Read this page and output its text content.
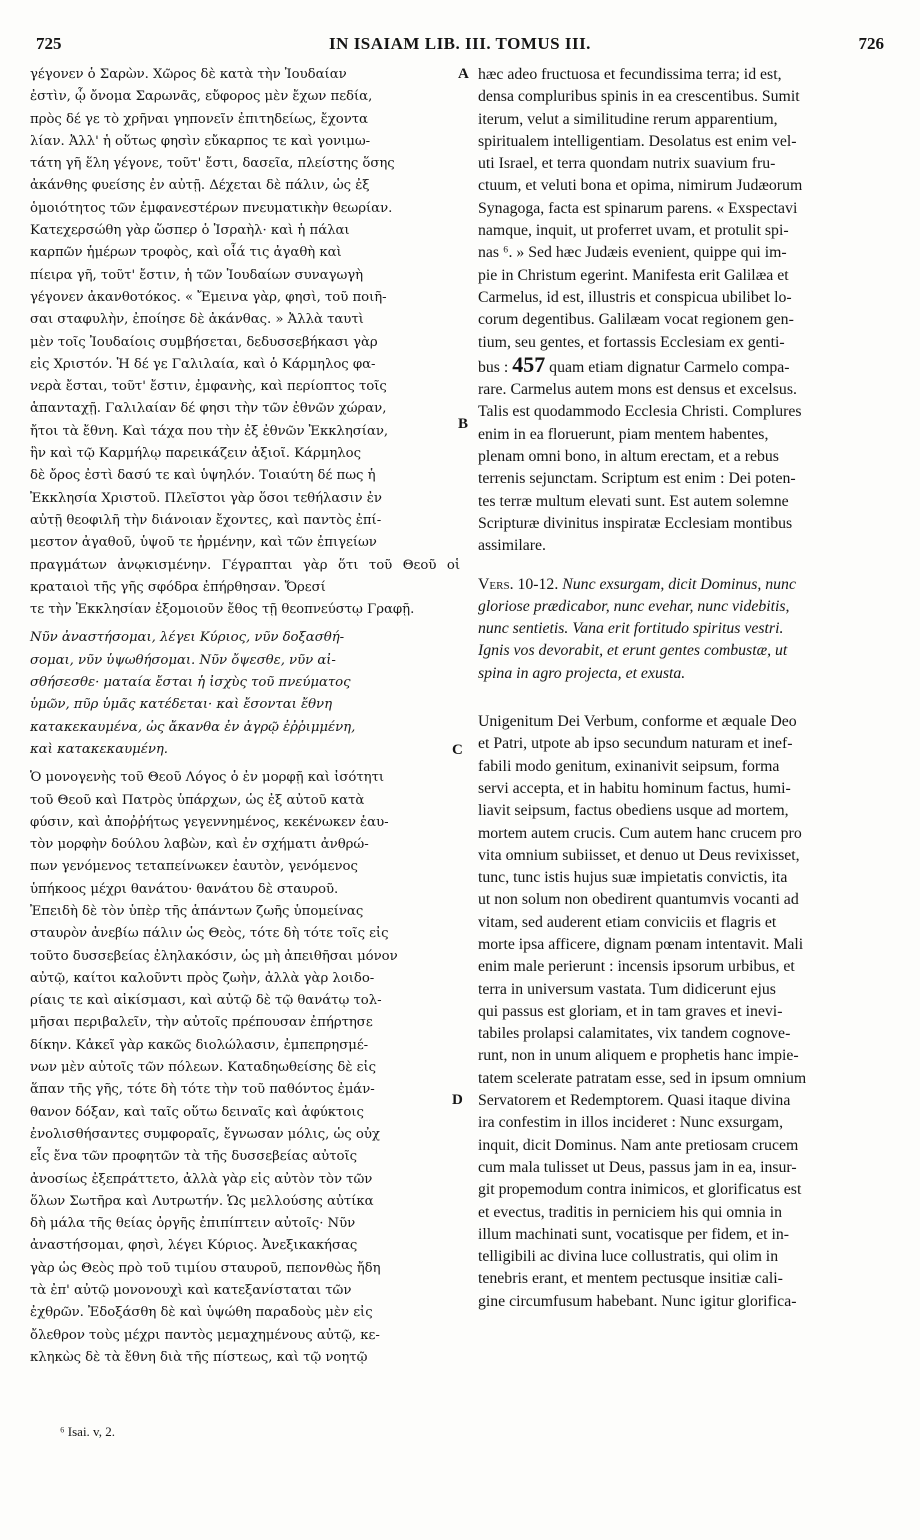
725	IN ISAIAM LIB. III. TOMUS III.	726

γέγονεν ὁ Σαρὼν. Χῶρος δὲ κατὰ τὴν Ἰουδαίαν
ἐστὶν, ᾧ ὄνομα Σαρωνᾶς, εὔφορος μὲν ἔχων πεδία,
πρὸς δέ γε τὸ χρῆναι γηπονεῖν ἐπιτηδείως, ἔχοντα
λίαν. Ἀλλ' ἡ οὕτως φησὶν εὔκαρπος τε καὶ γονιμω-
τάτη γῆ ἕλη γέγονε, τοῦτ' ἔστι, δασεῖα, πλείστης ὅσης
ἀκάνθης φυείσης ἐν αὐτῇ. Δέχεται δὲ πάλιν, ὡς ἐξ
ὁμοιότητος τῶν ἐμφανεστέρων πνευματικὴν θεωρίαν.
Κατεχερσώθη γὰρ ὥσπερ ὁ Ἰσραὴλ· καὶ ἡ πάλαι
καρπῶν ἡμέρων τροφὸς, καὶ οἷά τις ἀγαθὴ καὶ
πίειρα γῆ, τοῦτ' ἔστιν, ἡ τῶν Ἰουδαίων συναγωγὴ
γέγονεν ἀκανθοτόκος. « Ἔμεινα γὰρ, φησὶ, τοῦ ποιῆ-
σαι σταφυλὴν, ἐποίησε δὲ ἀκάνθας. » Ἀλλὰ ταυτὶ
μὲν τοῖς Ἰουδαίοις συμβήσεται, δεδυσσεβήκασι γὰρ
εἰς Χριστόν. Ἡ δέ γε Γαλιλαία, καὶ ὁ Κάρμηλος φα-
νερὰ ἔσται, τοῦτ' ἔστιν, ἐμφανὴς, καὶ περίοπτος τοῖς
ἁπανταχῇ. Γαλιλαίαν δέ φησι τὴν τῶν ἐθνῶν χώραν,
ἤτοι τὰ ἔθνη. Καὶ τάχα που τὴν ἐξ ἐθνῶν Ἐκκλησίαν,
ἣν καὶ τῷ Καρμήλῳ παρεικάζειν ἀξιοῖ. Κάρμηλος
δὲ ὄρος ἐστὶ δασύ τε καὶ ὑψηλόν. Τοιαύτη δέ πως ἡ
Ἐκκλησία Χριστοῦ. Πλεῖστοι γὰρ ὅσοι τεθήλασιν ἐν
αὐτῇ θεοφιλῆ τὴν διάνοιαν ἔχοντες, καὶ παντὸς ἐπί-
μεστον ἀγαθοῦ, ὑψοῦ τε ἠρμένην, καὶ τῶν ἐπιγείων
πραγμάτων ἀνῳκισμένην. Γέγραπται γὰρ ὅτι τοῦ Θεοῦ οἱ κραταιοὶ τῆς γῆς σφόδρα ἐπήρθησαν. Ὄρεσί
τε τὴν Ἐκκλησίαν ἐξομοιοῦν ἔθος τῇ θεοπνεύστῳ Γραφῇ.

Νῦν ἀναστήσομαι, λέγει Κύριος, νῦν δοξασθή-
σομαι, νῦν ὑψωθήσομαι. Νῦν ὄψεσθε, νῦν αἰ-
σθήσεσθε· ματαία ἔσται ἡ ἰσχὺς τοῦ πνεύματος
ὑμῶν, πῦρ ὑμᾶς κατέδεται· καὶ ἔσονται ἔθνη
κατακεκαυμένα, ὡς ἄκανθα ἐν ἀγρῷ ἐῤῥιμμένη,
καὶ κατακεκαυμένη.

Ὁ μονογενὴς τοῦ Θεοῦ Λόγος ὁ ἐν μορφῇ καὶ ἰσότητι
τοῦ Θεοῦ καὶ Πατρὸς ὑπάρχων, ὡς ἐξ αὐτοῦ κατὰ
φύσιν, καὶ ἀποῤῥήτως γεγεννημένος, κεκένωκεν ἑαυ-
τὸν μορφὴν δούλου λαβὼν, καὶ ἐν σχήματι ἀνθρώ-
πων γενόμενος τεταπείνωκεν ἑαυτὸν, γενόμενος
ὑπήκοος μέχρι θανάτου· θανάτου δὲ σταυροῦ.
Ἐπειδὴ δὲ τὸν ὑπὲρ τῆς ἁπάντων ζωῆς ὑπομείνας
σταυρὸν ἀνεβίω πάλιν ὡς Θεὸς, τότε δὴ τότε τοῖς εἰς
τοῦτο δυσσεβείας ἐληλακόσιν, ὡς μὴ ἀπειθῆσαι μόνον
αὐτῷ, καίτοι καλοῦντι πρὸς ζωὴν, ἀλλὰ γὰρ λοιδο-
ρίαις τε καὶ αἰκίσμασι, καὶ αὐτῷ δὲ τῷ θανάτῳ τολ-
μῆσαι περιβαλεῖν, τὴν αὐτοῖς πρέπουσαν ἐπήρτησε
δίκην. Κἀκεῖ γὰρ κακῶς διολώλασιν, ἐμπεπρησμέ-
νων μὲν αὐτοῖς τῶν πόλεων. Καταδηωθείσης δὲ εἰς
ἅπαν τῆς γῆς, τότε δὴ τότε τὴν τοῦ παθόντος ἐμάν-
θανον δόξαν, καὶ ταῖς οὕτω δειναῖς καὶ ἀφύκτοις
ἐνολισθήσαντες συμφοραῖς, ἔγνωσαν μόλις, ὡς οὐχ
εἷς ἔνα τῶν προφητῶν τὰ τῆς δυσσεβείας αὐτοῖς
ἀνοσίως ἐξεπράττετο, ἀλλὰ γὰρ εἰς αὐτὸν τὸν τῶν
ὅλων Σωτῆρα καὶ Λυτρωτήν. Ὡς μελλούσης αὐτίκα
δὴ μάλα τῆς θείας ὀργῆς ἐπιπίπτειν αὐτοῖς· Νῦν
ἀναστήσομαι, φησὶ, λέγει Κύριος. Ἀνεξικακήσας
γὰρ ὡς Θεὸς πρὸ τοῦ τιμίου σταυροῦ, πεπονθὼς ἤδη
τὰ ἐπ' αὐτῷ μονονουχὶ καὶ κατεξανίσταται τῶν
ἐχθρῶν. Ἐδοξάσθη δὲ καὶ ὑψώθη παραδοὺς μὲν εἰς
ὄλεθρον τοὺς μέχρι παντὸς μεμαχημένους αὐτῷ, κε-
κληκὼς δὲ τὰ ἔθνη διὰ τῆς πίστεως, καὶ τῷ νοητῷ

hæc adeo fructuosa et fecundissima terra; id est,
densa compluribus spinis in ea crescentibus. Sumit
iterum, velut a similitudine rerum apparentium,
spiritualem intelligentiam. Desolatus est enim vel-
uti Israel, et terra quondam nutrix suavium fru-
ctuum, et veluti bona et opima, nimirum Judæorum
Synagoga, facta est spinarum parens. « Exspectavi
namque, inquit, ut proferret uvam, et protulit spi-
nas ⁶. » Sed hæc Judæis evenient, quippe qui im-
pie in Christum egerint. Manifesta erit Galilæa et
Carmelus, id est, illustris et conspicua ubilibet lo-
corum degentibus. Galilæam vocat regionem gen-
tium, seu gentes, et fortassis Ecclesiam ex genti-
bus : 457 quam etiam dignatur Carmelo compa-
rare. Carmelus autem mons est densus et excelsus.
Talis est quodammodo Ecclesia Christi. Complures
enim in ea floruerunt, piam mentem habentes,
plenam omni bono, in altum erectam, et a rebus
terrenis sejunctam. Scriptum est enim : Dei poten-
tes terræ multum elevati sunt. Est autem solemne
Scripturæ divinitus inspiratæ Ecclesiam montibus
assimilare.

Vers. 10-12. Nunc exsurgam, dicit Dominus, nunc
gloriose prædicabor, nunc evehar, nunc videbitis,
nunc sentietis. Vana erit fortitudo spiritus vestri.
Ignis vos devorabit, et erunt gentes combustæ, ut
spina in agro projecta, et exusta.

Unigenitum Dei Verbum, conforme et æquale Deo
et Patri, utpote ab ipso secundum naturam et inef-
fabili modo genitum, exinanivit seipsum, forma
servi accepta, et in habitu hominum factus, humi-
liavit seipsum, factus obediens usque ad mortem,
mortem autem crucis. Cum autem hanc crucem pro
vita omnium subiisset, et denuo ut Deus revixisset,
tunc, tunc istis hujus suæ impietatis convictis, ita
ut non solum non obedirent quantumvis vocanti ad
vitam, sed auderent etiam conviciis et flagris et
morte ipsa afficere, dignam pœnam intentavit. Mali
enim male perierunt : incensis ipsorum urbibus, et
terra in universum vastata. Tum didicerunt ejus
qui passus est gloriam, et in tam graves et inevi-
tabiles prolapsi calamitates, vix tandem cognove-
runt, non in unum aliquem e prophetis hanc impie-
tatem scelerate patratam esse, sed in ipsum omnium
Servatorem et Redemptorem. Quasi itaque divina
ira confestim in illos incideret : Nunc exsurgam,
inquit, dicit Dominus. Nam ante pretiosam crucem
cum mala tulisset ut Deus, passus jam in ea, insur-
git propemodum contra inimicos, et glorificatus est
et evectus, traditis in perniciem his qui omnia in
illum machinati sunt, vocatisque per fidem, et in-
telligibili ac divina luce collustratis, qui olim in
tenebris erant, et mentem pectusque insitiæ cali-
gine circumfusum habebant. Nunc igitur glorifica-

A
B
C
D
⁶ Isai. v, 2.
